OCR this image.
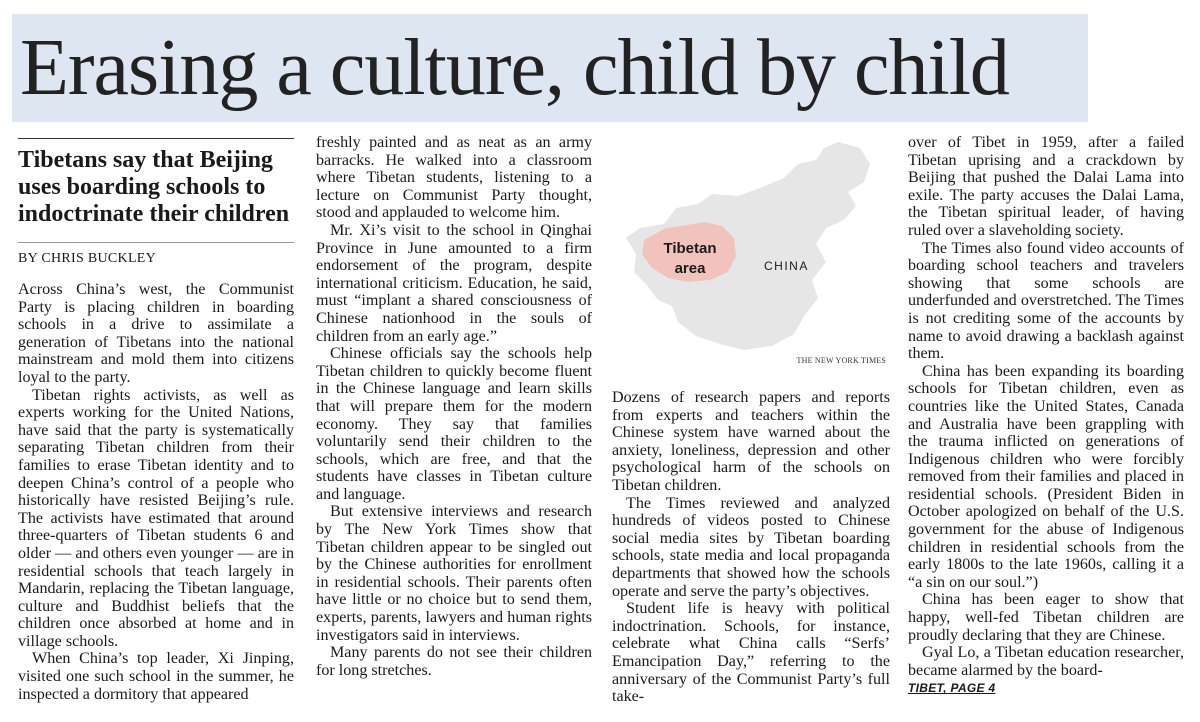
Erasing a culture, child by child
Tibetans say that Beijing uses boarding schools to indoctrinate their children
BY CHRIS BUCKLEY

Across China’s west, the Communist Party is placing children in boarding schools in a drive to assimilate a generation of Tibetans into the national mainstream and mold them into citizens loyal to the party.

Tibetan rights activists, as well as experts working for the United Nations, have said that the party is systematically separating Tibetan children from their families to erase Tibetan identity and to deepen China’s control of a people who historically have resisted Beijing’s rule. The activists have estimated that around three-quarters of Tibetan students 6 and older — and others even younger — are in residential schools that teach largely in Mandarin, replacing the Tibetan language, culture and Buddhist beliefs that the children once absorbed at home and in village schools.

When China’s top leader, Xi Jinping, visited one such school in the summer, he inspected a dormitory that appeared

freshly painted and as neat as an army barracks. He walked into a classroom where Tibetan students, listening to a lecture on Communist Party thought, stood and applauded to welcome him.

Mr. Xi’s visit to the school in Qinghai Province in June amounted to a firm endorsement of the program, despite international criticism. Education, he said, must “implant a shared consciousness of Chinese nationhood in the souls of children from an early age.”

Chinese officials say the schools help Tibetan children to quickly become fluent in the Chinese language and learn skills that will prepare them for the modern economy. They say that families voluntarily send their children to the schools, which are free, and that the students have classes in Tibetan culture and language.

But extensive interviews and research by The New York Times show that Tibetan children appear to be singled out by the Chinese authorities for enrollment in residential schools. Their parents often have little or no choice but to send them, experts, parents, lawyers and human rights investigators said in interviews.

Many parents do not see their children for long stretches.

Tibetan
area	CHINA
THE NEW YORK TIMES

Dozens of research papers and reports from experts and teachers within the Chinese system have warned about the anxiety, loneliness, depression and other psychological harm of the schools on Tibetan children.

The Times reviewed and analyzed hundreds of videos posted to Chinese social media sites by Tibetan boarding schools, state media and local propaganda departments that showed how the schools operate and serve the party’s objectives.

Student life is heavy with political indoctrination. Schools, for instance, celebrate what China calls “Serfs’ Emancipation Day,” referring to the anniversary of the Communist Party’s full take-

over of Tibet in 1959, after a failed Tibetan uprising and a crackdown by Beijing that pushed the Dalai Lama into exile. The party accuses the Dalai Lama, the Tibetan spiritual leader, of having ruled over a slaveholding society.

The Times also found video accounts of boarding school teachers and travelers showing that some schools are underfunded and overstretched. The Times is not crediting some of the accounts by name to avoid drawing a backlash against them.

China has been expanding its boarding schools for Tibetan children, even as countries like the United States, Canada and Australia have been grappling with the trauma inflicted on generations of Indigenous children who were forcibly removed from their families and placed in residential schools. (President Biden in October apologized on behalf of the U.S. government for the abuse of Indigenous children in residential schools from the early 1800s to the late 1960s, calling it a “a sin on our soul.”)

China has been eager to show that happy, well-fed Tibetan children are proudly declaring that they are Chinese.

Gyal Lo, a Tibetan education researcher, became alarmed by the board-

TIBET, PAGE 4
